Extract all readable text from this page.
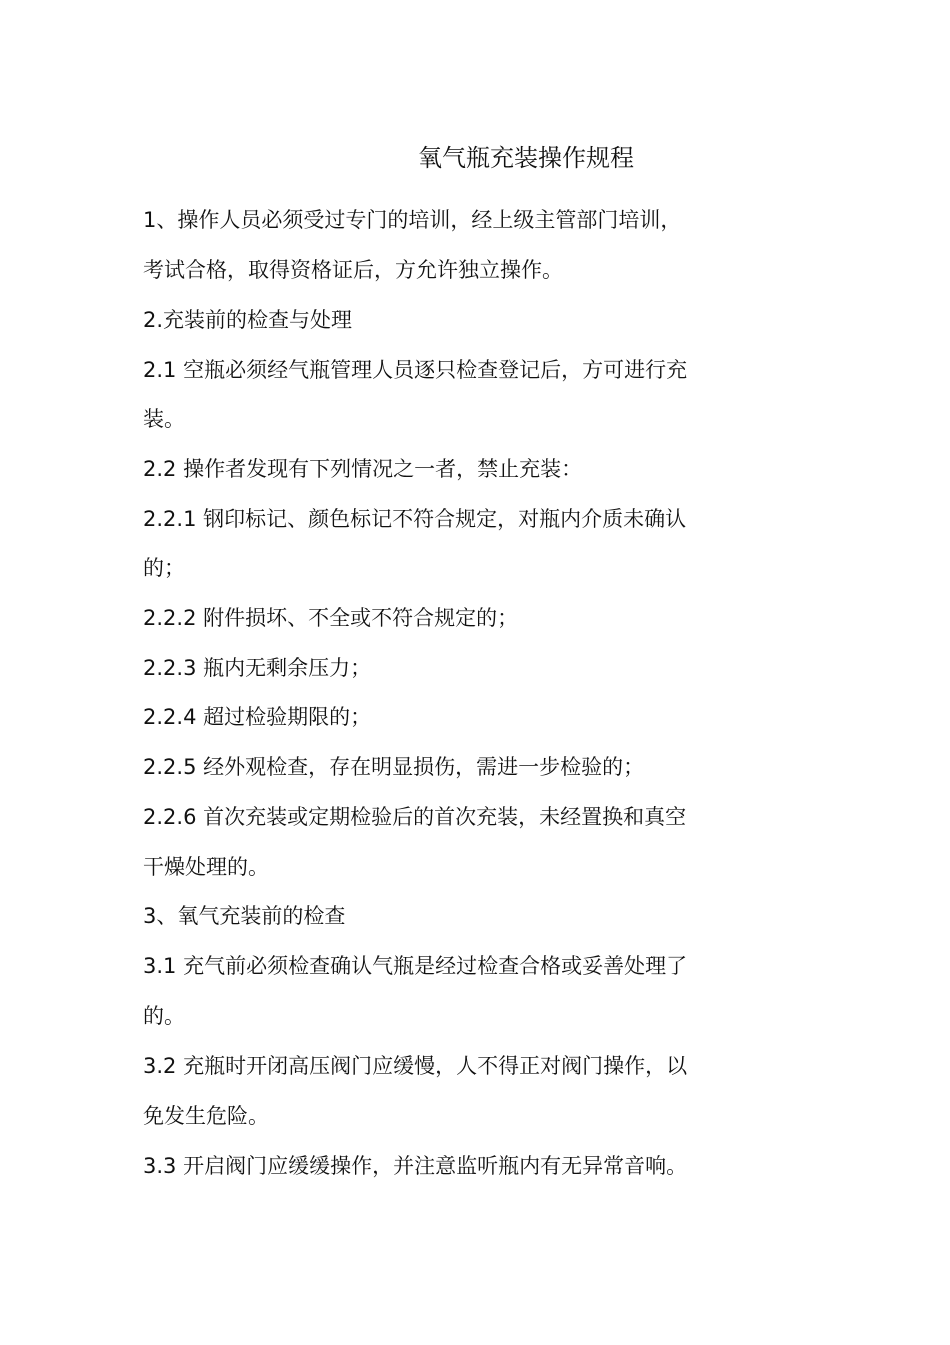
氧气瓶充装操作规程
1、操作人员必须受过专门的培训，经上级主管部门培训，
考试合格，取得资格证后，方允许独立操作。
2.充装前的检查与处理
2.1 空瓶必须经气瓶管理人员逐只检查登记后，方可进行充
装。
2.2 操作者发现有下列情况之一者，禁止充装：
2.2.1 钢印标记、颜色标记不符合规定，对瓶内介质未确认
的；
2.2.2 附件损坏、不全或不符合规定的；
2.2.3 瓶内无剩余压力；
2.2.4 超过检验期限的；
2.2.5 经外观检查，存在明显损伤，需进一步检验的；
2.2.6 首次充装或定期检验后的首次充装，未经置换和真空
干燥处理的。
3、氧气充装前的检查
3.1 充气前必须检查确认气瓶是经过检查合格或妥善处理了
的。
3.2 充瓶时开闭高压阀门应缓慢，人不得正对阀门操作，以
免发生危险。
3.3 开启阀门应缓缓操作，并注意监听瓶内有无异常音响。
